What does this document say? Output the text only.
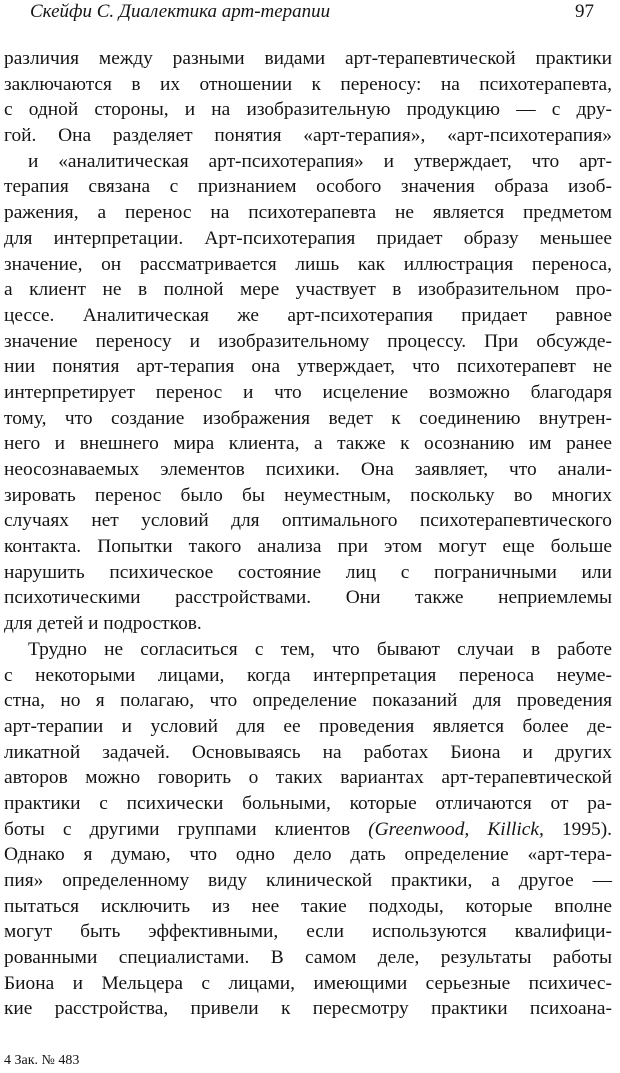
Скейфи С. Диалектика арт-терапии	97
различия между разными видами арт-терапевтической практики
заключаются в их отношении к переносу: на психотерапевта,
с одной стороны, и на изобразительную продукцию — с дру-
гой. Она разделяет понятия «арт-терапия», «арт-психотерапия»
и «аналитическая арт-психотерапия» и утверждает, что арт-
терапия связана с признанием особого значения образа изоб-
ражения, а перенос на психотерапевта не является предметом
для интерпретации. Арт-психотерапия придает образу меньшее
значение, он рассматривается лишь как иллюстрация переноса,
а клиент не в полной мере участвует в изобразительном про-
цессе. Аналитическая же арт-психотерапия придает равное
значение переносу и изобразительному процессу. При обсужде-
нии понятия арт-терапия она утверждает, что психотерапевт не
интерпретирует перенос и что исцеление возможно благодаря
тому, что создание изображения ведет к соединению внутрен-
него и внешнего мира клиента, а также к осознанию им ранее
неосознаваемых элементов психики. Она заявляет, что анали-
зировать перенос было бы неуместным, поскольку во многих
случаях нет условий для оптимального психотерапевтического
контакта. Попытки такого анализа при этом могут еще больше
нарушить психическое состояние лиц с пограничными или
психотическими расстройствами. Они также неприемлемы
для детей и подростков.
Трудно не согласиться с тем, что бывают случаи в работе
с некоторыми лицами, когда интерпретация переноса неуме-
стна, но я полагаю, что определение показаний для проведения
арт-терапии и условий для ее проведения является более де-
ликатной задачей. Основываясь на работах Биона и других
авторов можно говорить о таких вариантах арт-терапевтической
практики с психически больными, которые отличаются от ра-
боты с другими группами клиентов (Greenwood, Killick, 1995).
Однако я думаю, что одно дело дать определение «арт-тера-
пия» определенному виду клинической практики, а другое —
пытаться исключить из нее такие подходы, которые вполне
могут быть эффективными, если используются квалифици-
рованными специалистами. В самом деле, результаты работы
Биона и Мельцера с лицами, имеющими серьезные психичес-
кие расстройства, привели к пересмотру практики психоана-
4 Зак. № 483
